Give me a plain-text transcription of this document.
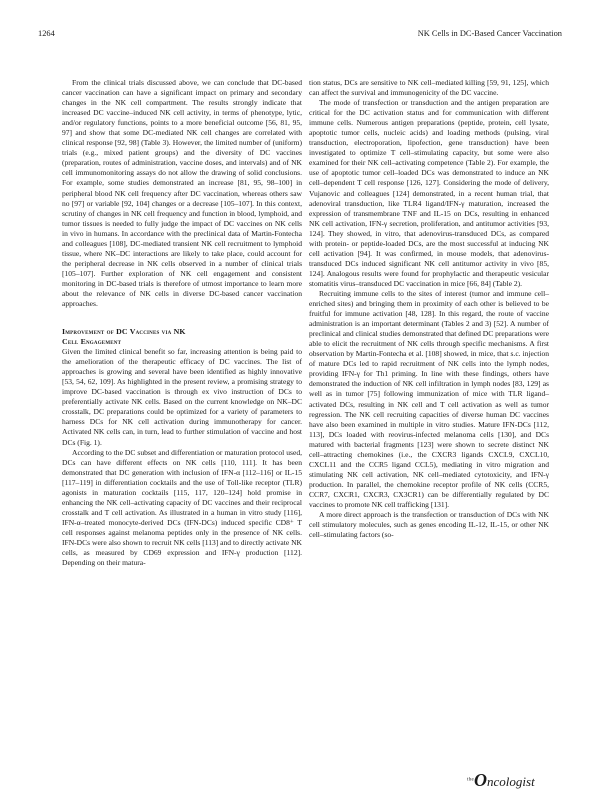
1264	NK Cells in DC-Based Cancer Vaccination

From the clinical trials discussed above, we can conclude that DC-based cancer vaccination can have a significant impact on primary and secondary changes in the NK cell compartment. The results strongly indicate that increased DC vaccine–induced NK cell activity, in terms of phenotype, lytic, and/or regulatory functions, points to a more beneficial outcome [56, 81, 95, 97] and show that some DC-mediated NK cell changes are correlated with clinical response [92, 98] (Table 3). However, the limited number of (uniform) trials (e.g., mixed patient groups) and the diversity of DC vaccines (preparation, routes of administration, vaccine doses, and intervals) and of NK cell immunomonitoring assays do not allow the drawing of solid conclusions. For example, some studies demonstrated an increase [81, 95, 98–100] in peripheral blood NK cell frequency after DC vaccination, whereas others saw no [97] or variable [92, 104] changes or a decrease [105–107]. In this context, scrutiny of changes in NK cell frequency and function in blood, lymphoid, and tumor tissues is needed to fully judge the impact of DC vaccines on NK cells in vivo in humans. In accordance with the preclinical data of Martin-Fontecha and colleagues [108], DC-mediated transient NK cell recruitment to lymphoid tissue, where NK–DC interactions are likely to take place, could account for the peripheral decrease in NK cells observed in a number of clinical trials [105–107]. Further exploration of NK cell engagement and consistent monitoring in DC-based trials is therefore of utmost importance to learn more about the relevance of NK cells in diverse DC-based cancer vaccination approaches.

Improvement of DC Vaccines via NK
Cell Engagement

Given the limited clinical benefit so far, increasing attention is being paid to the amelioration of the therapeutic efficacy of DC vaccines. The list of approaches is growing and several have been identified as highly innovative [53, 54, 62, 109]. As highlighted in the present review, a promising strategy to improve DC-based vaccination is through ex vivo instruction of DCs to preferentially activate NK cells. Based on the current knowledge on NK–DC crosstalk, DC preparations could be optimized for a variety of parameters to harness DCs for NK cell activation during immunotherapy for cancer. Activated NK cells can, in turn, lead to further stimulation of vaccine and host DCs (Fig. 1).

According to the DC subset and differentiation or maturation protocol used, DCs can have different effects on NK cells [110, 111]. It has been demonstrated that DC generation with inclusion of IFN-α [112–116] or IL-15 [117–119] in differentiation cocktails and the use of Toll-like receptor (TLR) agonists in maturation cocktails [115, 117, 120–124] hold promise in enhancing the NK cell–activating capacity of DC vaccines and their reciprocal crosstalk and T cell activation. As illustrated in a human in vitro study [116], IFN-α–treated monocyte-derived DCs (IFN-DCs) induced specific CD8⁺ T cell responses against melanoma peptides only in the presence of NK cells. IFN-DCs were also shown to recruit NK cells [113] and to directly activate NK cells, as measured by CD69 expression and IFN-γ production [112]. Depending on their matura-

tion status, DCs are sensitive to NK cell–mediated killing [59, 91, 125], which can affect the survival and immunogenicity of the DC vaccine.

The mode of transfection or transduction and the antigen preparation are critical for the DC activation status and for communication with different immune cells. Numerous antigen preparations (peptide, protein, cell lysate, apoptotic tumor cells, nucleic acids) and loading methods (pulsing, viral transduction, electroporation, lipofection, gene transduction) have been investigated to optimize T cell–stimulating capacity, but some were also examined for their NK cell–activating competence (Table 2). For example, the use of apoptotic tumor cell–loaded DCs was demonstrated to induce an NK cell–dependent T cell response [126, 127]. Considering the mode of delivery, Vujanovic and colleagues [124] demonstrated, in a recent human trial, that adenoviral transduction, like TLR4 ligand/IFN-γ maturation, increased the expression of transmembrane TNF and IL-15 on DCs, resulting in enhanced NK cell activation, IFN-γ secretion, proliferation, and antitumor activities [93, 124]. They showed, in vitro, that adenovirus-transduced DCs, as compared with protein- or peptide-loaded DCs, are the most successful at inducing NK cell activation [94]. It was confirmed, in mouse models, that adenovirus-transduced DCs induced significant NK cell antitumor activity in vivo [85, 124]. Analogous results were found for prophylactic and therapeutic vesicular stomatitis virus–transduced DC vaccination in mice [66, 84] (Table 2).

Recruiting immune cells to the sites of interest (tumor and immune cell–enriched sites) and bringing them in proximity of each other is believed to be fruitful for immune activation [48, 128]. In this regard, the route of vaccine administration is an important determinant (Tables 2 and 3) [52]. A number of preclinical and clinical studies demonstrated that defined DC preparations were able to elicit the recruitment of NK cells through specific mechanisms. A first observation by Martin-Fontecha et al. [108] showed, in mice, that s.c. injection of mature DCs led to rapid recruitment of NK cells into the lymph nodes, providing IFN-γ for Th1 priming. In line with these findings, others have demonstrated the induction of NK cell infiltration in lymph nodes [83, 129] as well as in tumor [75] following immunization of mice with TLR ligand–activated DCs, resulting in NK cell and T cell activation as well as tumor regression. The NK cell recruiting capacities of diverse human DC vaccines have also been examined in multiple in vitro studies. Mature IFN-DCs [112, 113], DCs loaded with reovirus-infected melanoma cells [130], and DCs matured with bacterial fragments [123] were shown to secrete distinct NK cell–attracting chemokines (i.e., the CXCR3 ligands CXCL9, CXCL10, CXCL11 and the CCR5 ligand CCL5), mediating in vitro migration and stimulating NK cell activation, NK cell–mediated cytotoxicity, and IFN-γ production. In parallel, the chemokine receptor profile of NK cells (CCR5, CCR7, CXCR1, CXCR3, CX3CR1) can be differentially regulated by DC vaccines to promote NK cell trafficking [131].

A more direct approach is the transfection or transduction of DCs with NK cell stimulatory molecules, such as genes encoding IL-12, IL-15, or other NK cell–stimulating factors (so-

$^{the}$Oncologist
